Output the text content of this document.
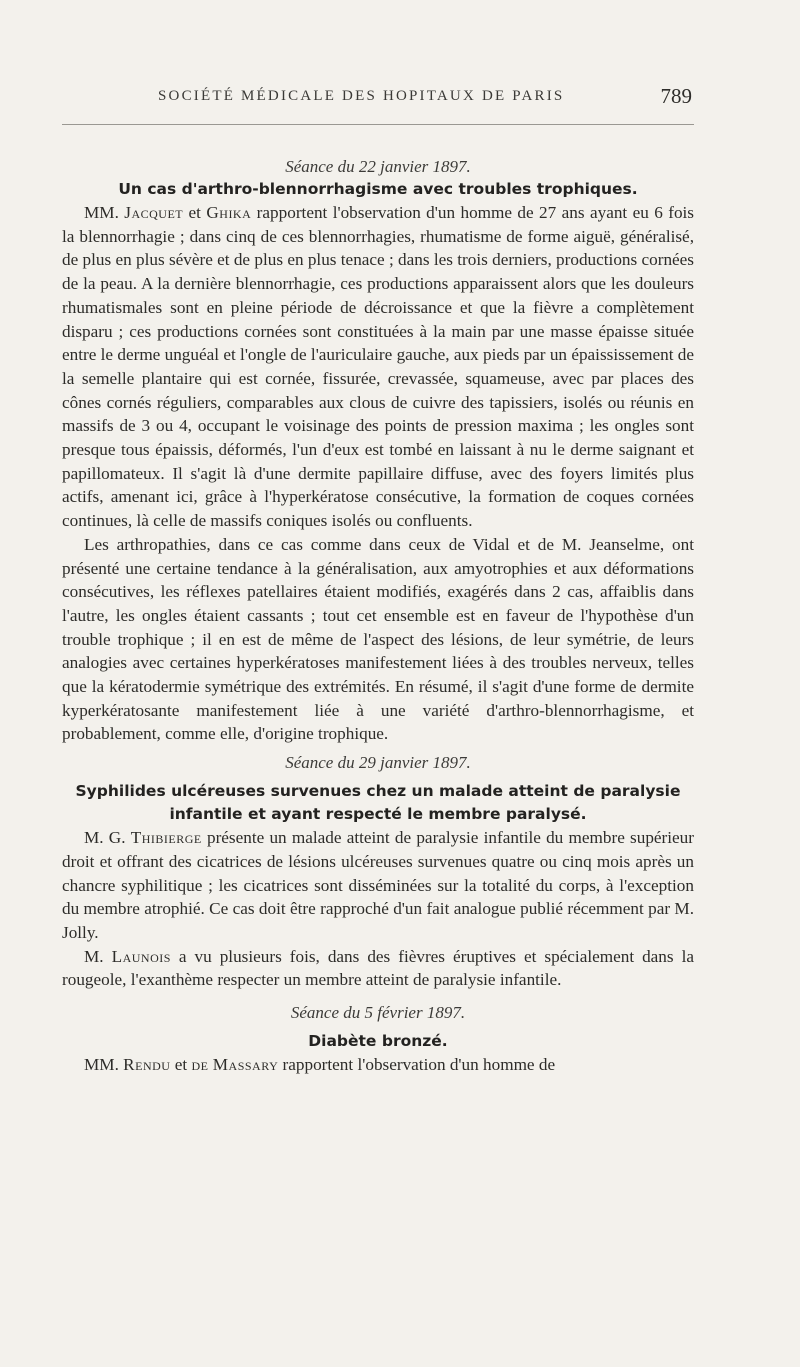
SOCIÉTÉ MÉDICALE DES HOPITAUX DE PARIS	789

Séance du 22 janvier 1897.

Un cas d'arthro-blennorrhagisme avec troubles trophiques.

MM. Jacquet et Ghika rapportent l'observation d'un homme de 27 ans ayant eu 6 fois la blennorrhagie ; dans cinq de ces blennorrhagies, rhumatisme de forme aiguë, généralisé, de plus en plus sévère et de plus en plus tenace ; dans les trois derniers, productions cornées de la peau. A la dernière blennorrhagie, ces productions apparaissent alors que les douleurs rhumatismales sont en pleine période de décroissance et que la fièvre a complètement disparu ; ces productions cornées sont constituées à la main par une masse épaisse située entre le derme unguéal et l'ongle de l'auriculaire gauche, aux pieds par un épaississement de la semelle plantaire qui est cornée, fissurée, crevassée, squameuse, avec par places des cônes cornés réguliers, comparables aux clous de cuivre des tapissiers, isolés ou réunis en massifs de 3 ou 4, occupant le voisinage des points de pression maxima ; les ongles sont presque tous épaissis, déformés, l'un d'eux est tombé en laissant à nu le derme saignant et papillomateux. Il s'agit là d'une dermite papillaire diffuse, avec des foyers limités plus actifs, amenant ici, grâce à l'hyperkératose consécutive, la formation de coques cornées continues, là celle de massifs coniques isolés ou confluents.

Les arthropathies, dans ce cas comme dans ceux de Vidal et de M. Jeanselme, ont présenté une certaine tendance à la généralisation, aux amyotrophies et aux déformations consécutives, les réflexes patellaires étaient modifiés, exagérés dans 2 cas, affaiblis dans l'autre, les ongles étaient cassants ; tout cet ensemble est en faveur de l'hypothèse d'un trouble trophique ; il en est de même de l'aspect des lésions, de leur symétrie, de leurs analogies avec certaines hyperkératoses manifestement liées à des troubles nerveux, telles que la kératodermie symétrique des extrémités. En résumé, il s'agit d'une forme de dermite kyperkératosante manifestement liée à une variété d'arthro-blennorrhagisme, et probablement, comme elle, d'origine trophique.

Séance du 29 janvier 1897.

Syphilides ulcéreuses survenues chez un malade atteint de paralysie infantile et ayant respecté le membre paralysé.

M. G. Thibierge présente un malade atteint de paralysie infantile du membre supérieur droit et offrant des cicatrices de lésions ulcéreuses survenues quatre ou cinq mois après un chancre syphilitique ; les cicatrices sont disséminées sur la totalité du corps, à l'exception du membre atrophié. Ce cas doit être rapproché d'un fait analogue publié récemment par M. Jolly.

M. Launois a vu plusieurs fois, dans des fièvres éruptives et spécialement dans la rougeole, l'exanthème respecter un membre atteint de paralysie infantile.

Séance du 5 février 1897.

Diabète bronzé.

MM. Rendu et de Massary rapportent l'observation d'un homme de
